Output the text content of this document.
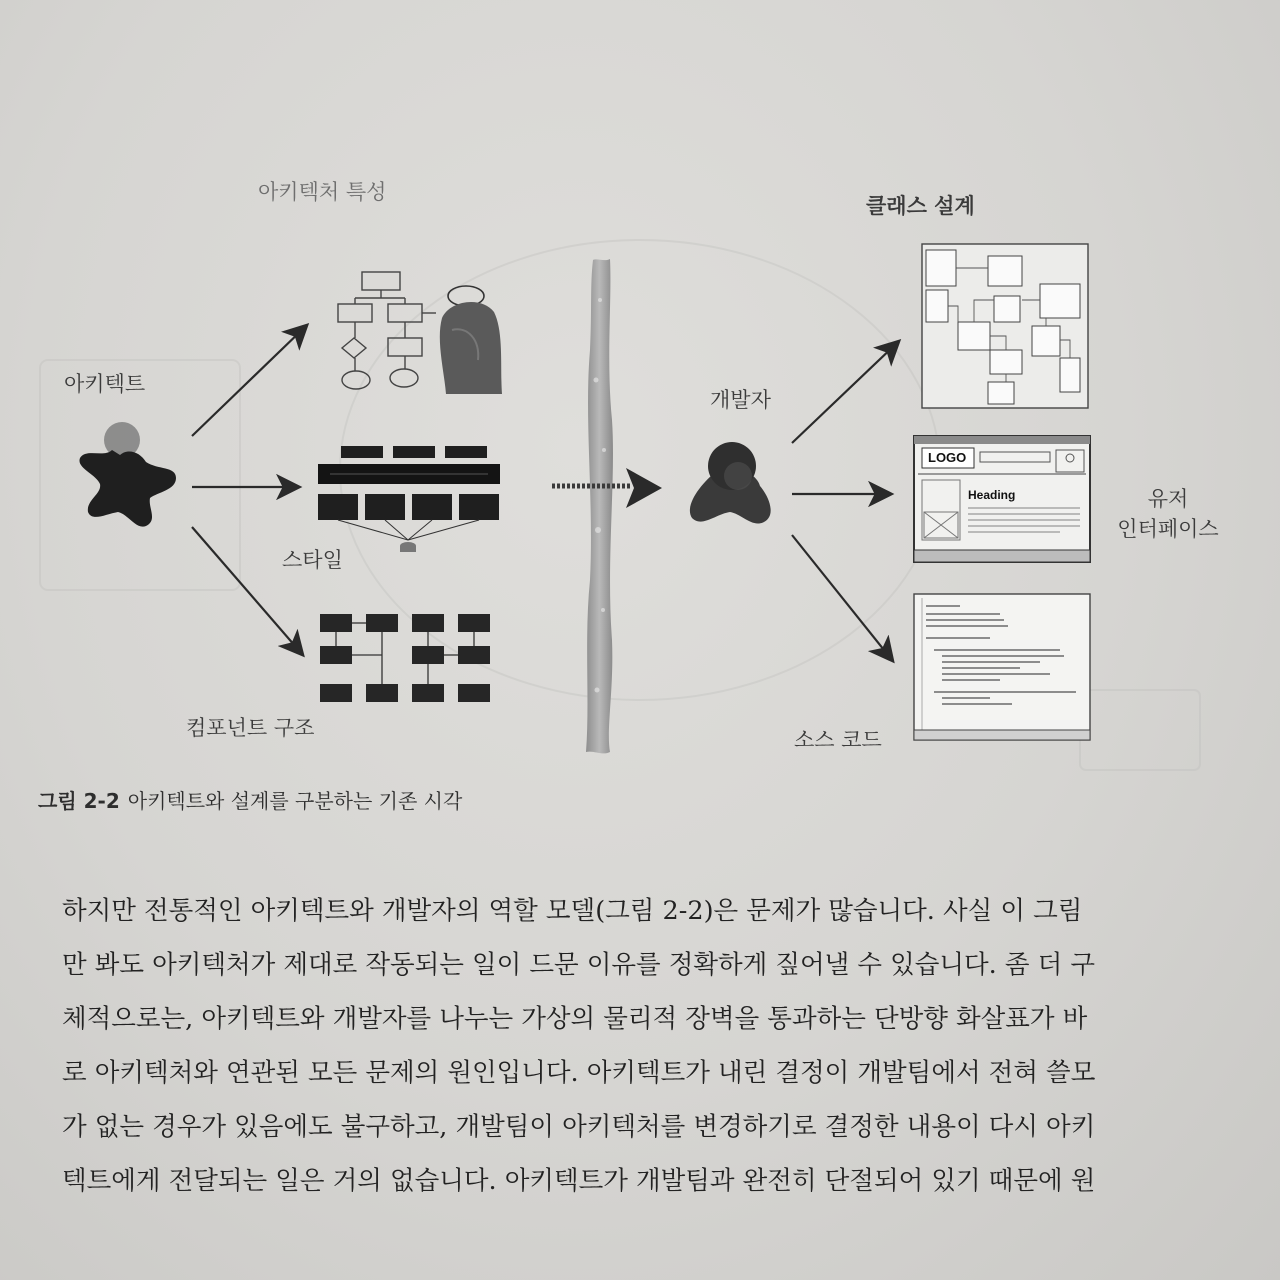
아키텍처 특성
클래스 설계
아키텍트
개발자
스타일
유저
인터페이스
컴포넌트 구조	소스 코드
LOGO
Heading
그림 2-2 아키텍트와 설계를 구분하는 기존 시각
하지만 전통적인 아키텍트와 개발자의 역할 모델(그림 2-2)은 문제가 많습니다. 사실 이 그림
만 봐도 아키텍처가 제대로 작동되는 일이 드문 이유를 정확하게 짚어낼 수 있습니다. 좀 더 구
체적으로는, 아키텍트와 개발자를 나누는 가상의 물리적 장벽을 통과하는 단방향 화살표가 바
로 아키텍처와 연관된 모든 문제의 원인입니다. 아키텍트가 내린 결정이 개발팀에서 전혀 쓸모
가 없는 경우가 있음에도 불구하고, 개발팀이 아키텍처를 변경하기로 결정한 내용이 다시 아키
텍트에게 전달되는 일은 거의 없습니다. 아키텍트가 개발팀과 완전히 단절되어 있기 때문에 원
